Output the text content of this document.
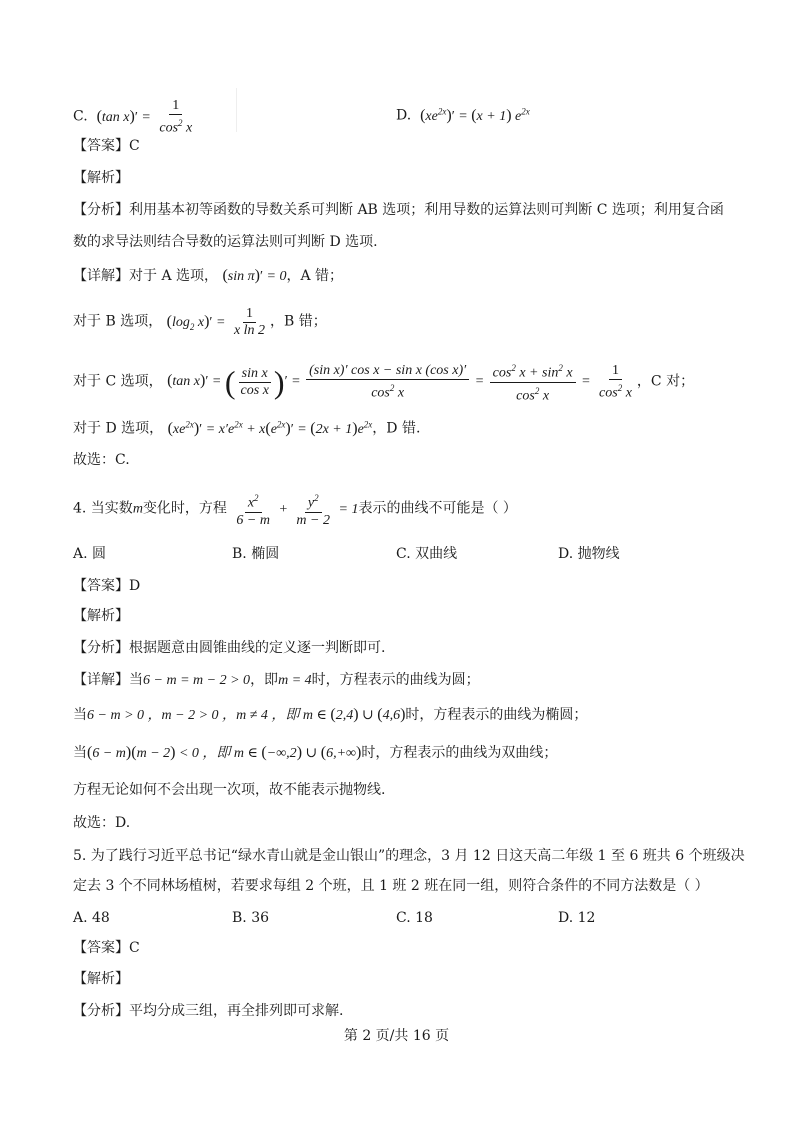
C. (tan $x)' = \frac{1}{\cos^2 x}$	D. $(xe^{2x})' = (x + 1)$ $e^{2x}$
【答案】C
【解析】
【分析】利用基本初等函数的导数关系可判断 AB 选项；利用导数的运算法则可判断 C 选项；利用复合函
数的求导法则结合导数的运算法则可判断 D 选项.
【详解】对于 A 选项， (sin π)′ = 0，A 错；
对于 B 选项， ($\log_2$ $x)' = \frac{1}{\text{x ln 2}}$ ，B 错；
对于 C 选项， (tan x)′ = ( $\frac{\text{sin x}}{\text{cos x}}$ )′ = $\frac{\text{(sin x)′ cos x − sin x (cos x)′}}{\cos^2 x} = \frac{\cos^2 x + \sin^2 x}{\cos^2 x} = \frac{1}{\cos^2 x}$ ，C 对；
对于 D 选项， $(xe^{2x})' = x'e^{2x} + x(e^{2x})' = (2x + 1)e^{2x}$，D 错.
故选：C.
4. 当实数m变化时，方程 $\frac{x^2}{6 - m} + \frac{y^2}{m - 2} = 1$表示的曲线不可能是（ ）
A. 圆	B. 椭圆	C. 双曲线	D. 抛物线
【答案】D
【解析】
【分析】根据题意由圆锥曲线的定义逐一判断即可.
【详解】当6 − m = m − 2 > 0，即m = 4时，方程表示的曲线为圆；
当6 − m > 0 ，m − 2 > 0 ，m ≠ 4 ，即 m ∈ (2,4) ∪ (4,6)时，方程表示的曲线为椭圆；
当(6 − m)(m − 2) < 0 ，即 m ∈ (−∞,2) ∪ (6,+∞)时，方程表示的曲线为双曲线；
方程无论如何不会出现一次项，故不能表示抛物线.
故选：D.
5. 为了践行习近平总书记“绿水青山就是金山银山”的理念，3 月 12 日这天高二年级 1 至 6 班共 6 个班级决
定去 3 个不同林场植树，若要求每组 2 个班，且 1 班 2 班在同一组，则符合条件的不同方法数是（ ）
A. 48	B. 36	C. 18	D. 12
【答案】C
【解析】
【分析】平均分成三组，再全排列即可求解.
第 2 页/共 16 页
